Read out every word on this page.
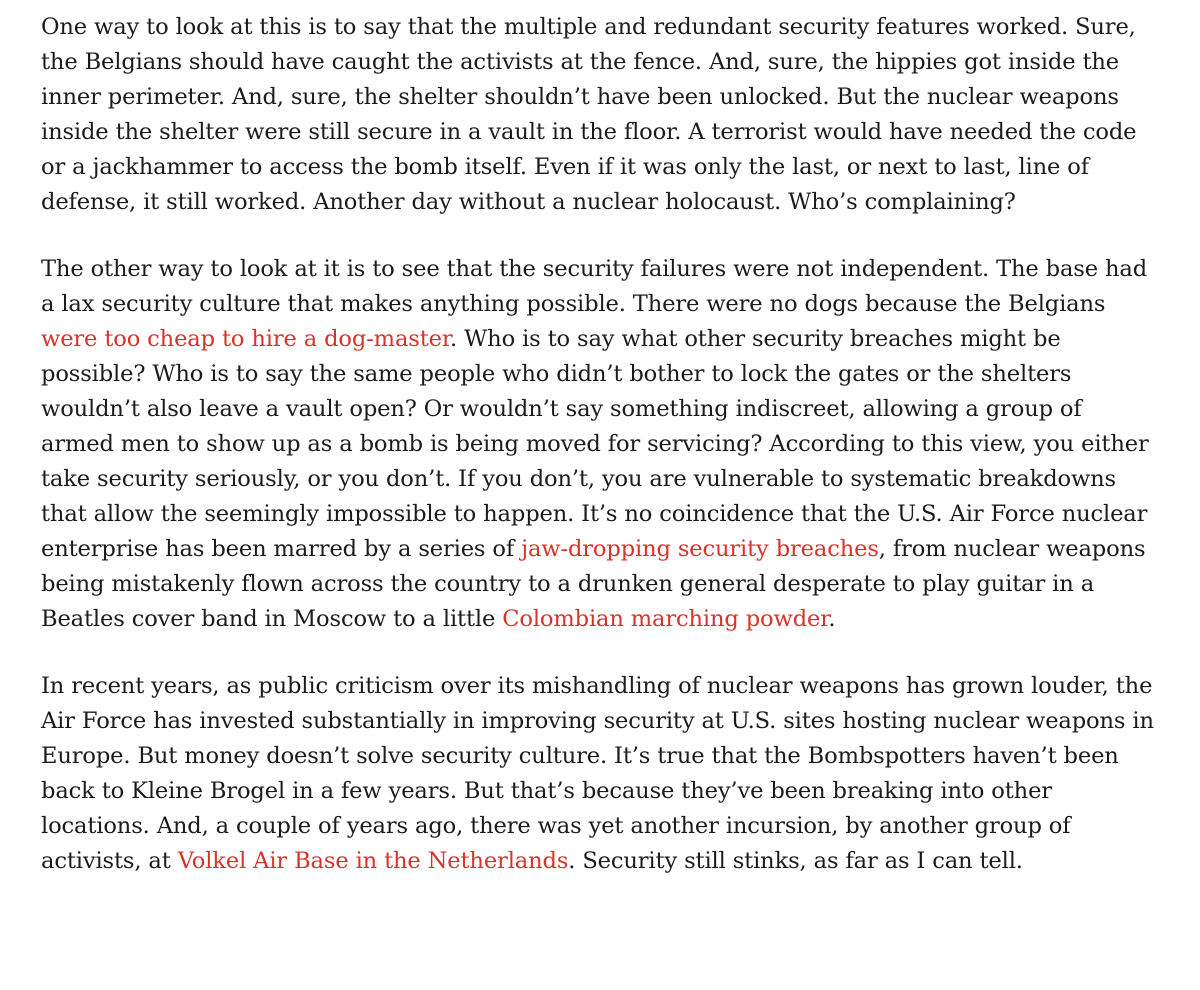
One way to look at this is to say that the multiple and redundant security features worked. Sure, the Belgians should have caught the activists at the fence. And, sure, the hippies got inside the inner perimeter. And, sure, the shelter shouldn’t have been unlocked. But the nuclear weapons inside the shelter were still secure in a vault in the floor. A terrorist would have needed the code or a jackhammer to access the bomb itself. Even if it was only the last, or next to last, line of defense, it still worked. Another day without a nuclear holocaust. Who’s complaining?

The other way to look at it is to see that the security failures were not independent. The base had a lax security culture that makes anything possible. There were no dogs because the Belgians were too cheap to hire a dog-master. Who is to say what other security breaches might be possible? Who is to say the same people who didn’t bother to lock the gates or the shelters wouldn’t also leave a vault open? Or wouldn’t say something indiscreet, allowing a group of armed men to show up as a bomb is being moved for servicing? According to this view, you either take security seriously, or you don’t. If you don’t, you are vulnerable to systematic breakdowns that allow the seemingly impossible to happen. It’s no coincidence that the U.S. Air Force nuclear enterprise has been marred by a series of jaw-dropping security breaches, from nuclear weapons being mistakenly flown across the country to a drunken general desperate to play guitar in a Beatles cover band in Moscow to a little Colombian marching powder.

In recent years, as public criticism over its mishandling of nuclear weapons has grown louder, the Air Force has invested substantially in improving security at U.S. sites hosting nuclear weapons in Europe. But money doesn’t solve security culture. It’s true that the Bombspotters haven’t been back to Kleine Brogel in a few years. But that’s because they’ve been breaking into other locations. And, a couple of years ago, there was yet another incursion, by another group of activists, at Volkel Air Base in the Netherlands. Security still stinks, as far as I can tell.
